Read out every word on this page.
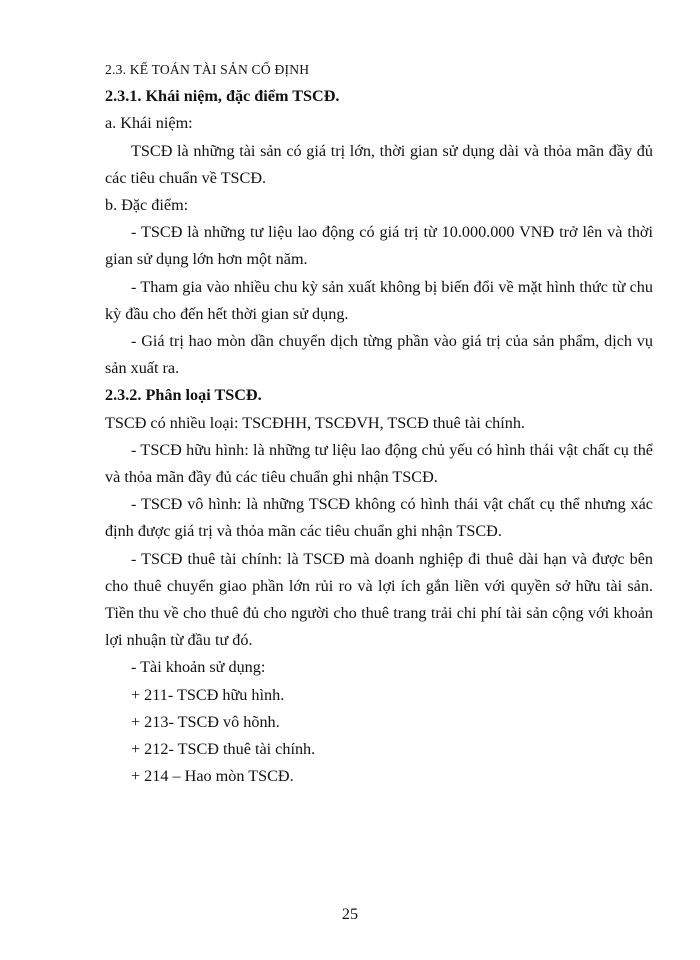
2.3. KẾ TOÁN TÀI SẢN CỐ ĐỊNH

2.3.1. Khái niệm, đặc điểm TSCĐ.

a. Khái niệm:

TSCĐ là những tài sản có giá trị lớn, thời gian sử dụng dài và thỏa mãn đầy đủ các tiêu chuẩn về TSCĐ.

b. Đặc điểm:

- TSCĐ là những tư liệu lao động có giá trị từ 10.000.000 VNĐ trở lên và thời gian sử dụng lớn hơn một năm.

- Tham gia vào nhiều chu kỳ sản xuất không bị biến đổi về mặt hình thức từ chu kỳ đầu cho đến hết thời gian sử dụng.

- Giá trị hao mòn dần chuyển dịch từng phần vào giá trị của sản phẩm, dịch vụ sản xuất ra.

2.3.2. Phân loại TSCĐ.

TSCĐ có nhiều loại: TSCĐHH, TSCĐVH, TSCĐ thuê tài chính.

- TSCĐ hữu hình: là những tư liệu lao động chủ yếu có hình thái vật chất cụ thể và thỏa mãn đầy đủ các tiêu chuẩn ghi nhận TSCĐ.

- TSCĐ vô hình: là những TSCĐ không có hình thái vật chất cụ thể nhưng xác định được giá trị và thỏa mãn các tiêu chuẩn ghi nhận TSCĐ.

- TSCĐ thuê tài chính: là TSCĐ mà doanh nghiệp đi thuê dài hạn và được bên cho thuê chuyển giao phần lớn rủi ro và lợi ích gắn liền với quyền sở hữu tài sản. Tiền thu về cho thuê đủ cho người cho thuê trang trải chi phí tài sản cộng với khoản lợi nhuận từ đầu tư đó.

- Tài khoản sử dụng:

+ 211- TSCĐ hữu hình.

+ 213- TSCĐ vô hõnh.

+ 212- TSCĐ thuê tài chính.

+ 214 – Hao mòn TSCĐ.

25
